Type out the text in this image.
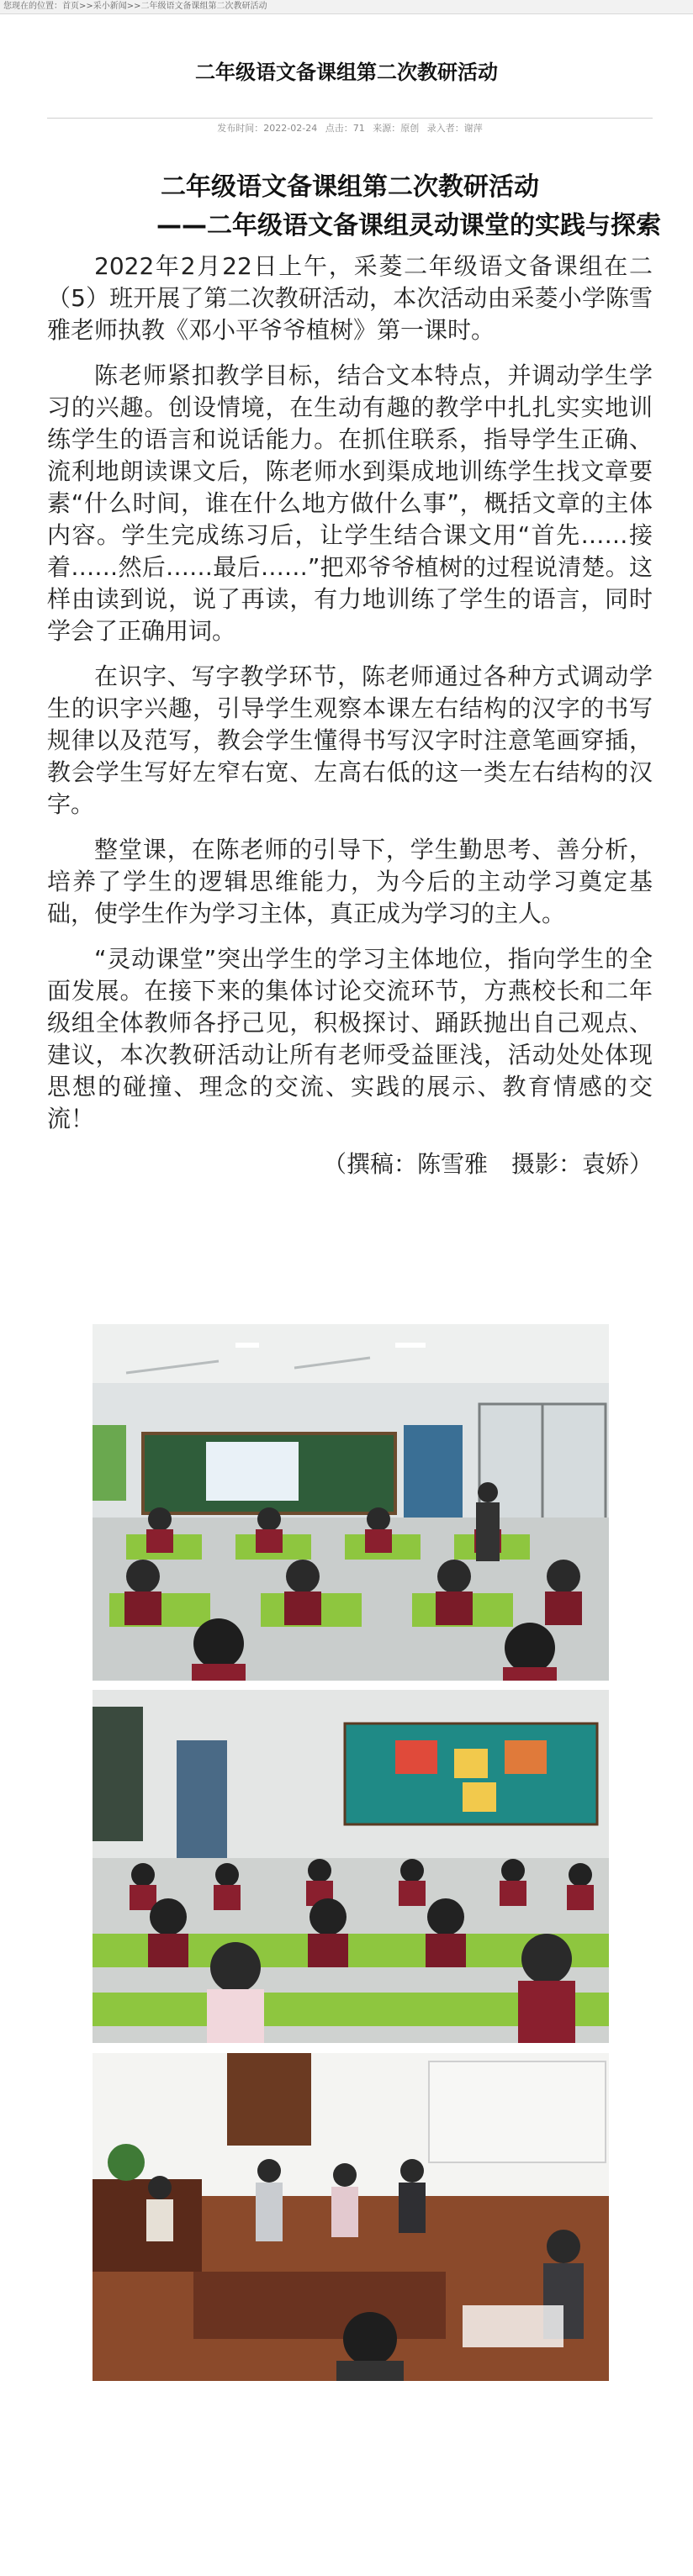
您现在的位置：首页>>采小新闻>>二年级语文备课组第二次教研活动
二年级语文备课组第二次教研活动
发布时间：2022-02-24 点击：71 来源：原创 录入者：谢萍

二年级语文备课组第二次教研活动

——二年级语文备课组灵动课堂的实践与探索

2022年2月22日上午，采菱二年级语文备课组在二（5）班开展了第二次教研活动，本次活动由采菱小学陈雪雅老师执教《邓小平爷爷植树》第一课时。

陈老师紧扣教学目标，结合文本特点，并调动学生学习的兴趣。创设情境，在生动有趣的教学中扎扎实实地训练学生的语言和说话能力。在抓住联系，指导学生正确、流利地朗读课文后，陈老师水到渠成地训练学生找文章要素“什么时间，谁在什么地方做什么事”，概括文章的主体内容。学生完成练习后，让学生结合课文用“首先……接着……然后……最后……”把邓爷爷植树的过程说清楚。这样由读到说，说了再读，有力地训练了学生的语言，同时学会了正确用词。

在识字、写字教学环节，陈老师通过各种方式调动学生的识字兴趣，引导学生观察本课左右结构的汉字的书写规律以及范写，教会学生懂得书写汉字时注意笔画穿插，教会学生写好左窄右宽、左高右低的这一类左右结构的汉字。

整堂课，在陈老师的引导下，学生勤思考、善分析，培养了学生的逻辑思维能力，为今后的主动学习奠定基础，使学生作为学习主体，真正成为学习的主人。

“灵动课堂”突出学生的学习主体地位，指向学生的全面发展。在接下来的集体讨论交流环节，方燕校长和二年级组全体教师各抒己见，积极探讨、踊跃抛出自己观点、建议，本次教研活动让所有老师受益匪浅，活动处处体现思想的碰撞、理念的交流、实践的展示、教育情感的交流！

（撰稿：陈雪雅　摄影：袁娇）
